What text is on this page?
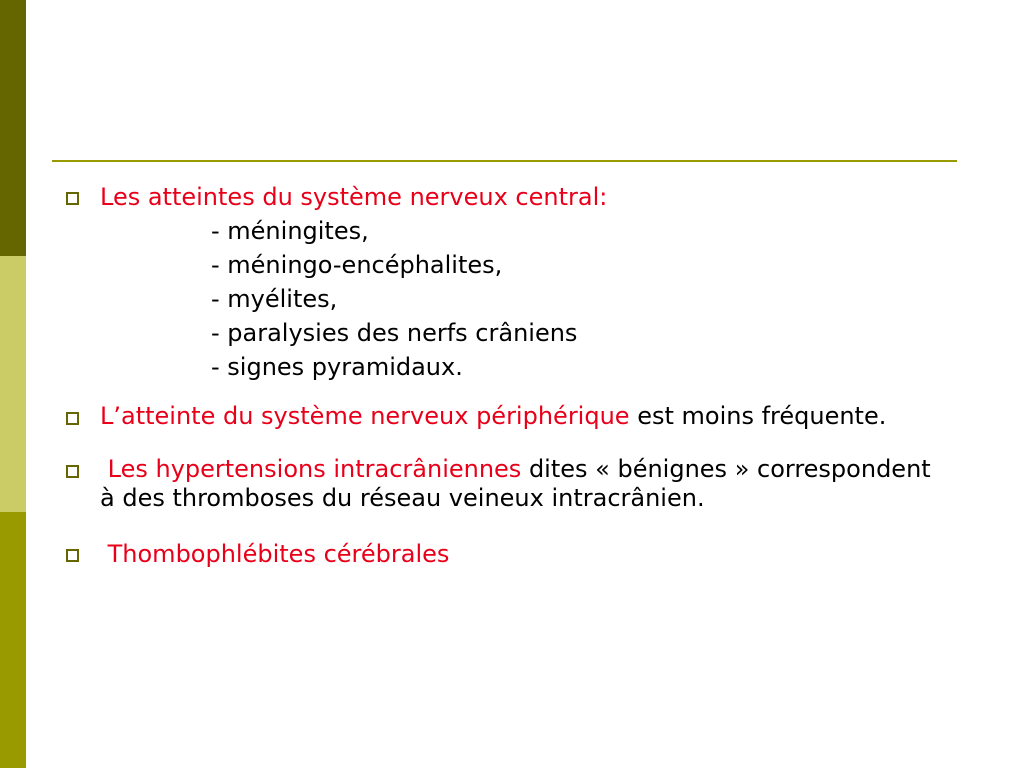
Les atteintes du système nerveux central:
- méningites,
- méningo-encéphalites,
- myélites,
- paralysies des nerfs crâniens
- signes pyramidaux.
L’atteinte du système nerveux périphérique est moins fréquente.
Les hypertensions intracrâniennes dites « bénignes » correspondent à des thromboses du réseau veineux intracrânien.
Thombophlébites cérébrales
